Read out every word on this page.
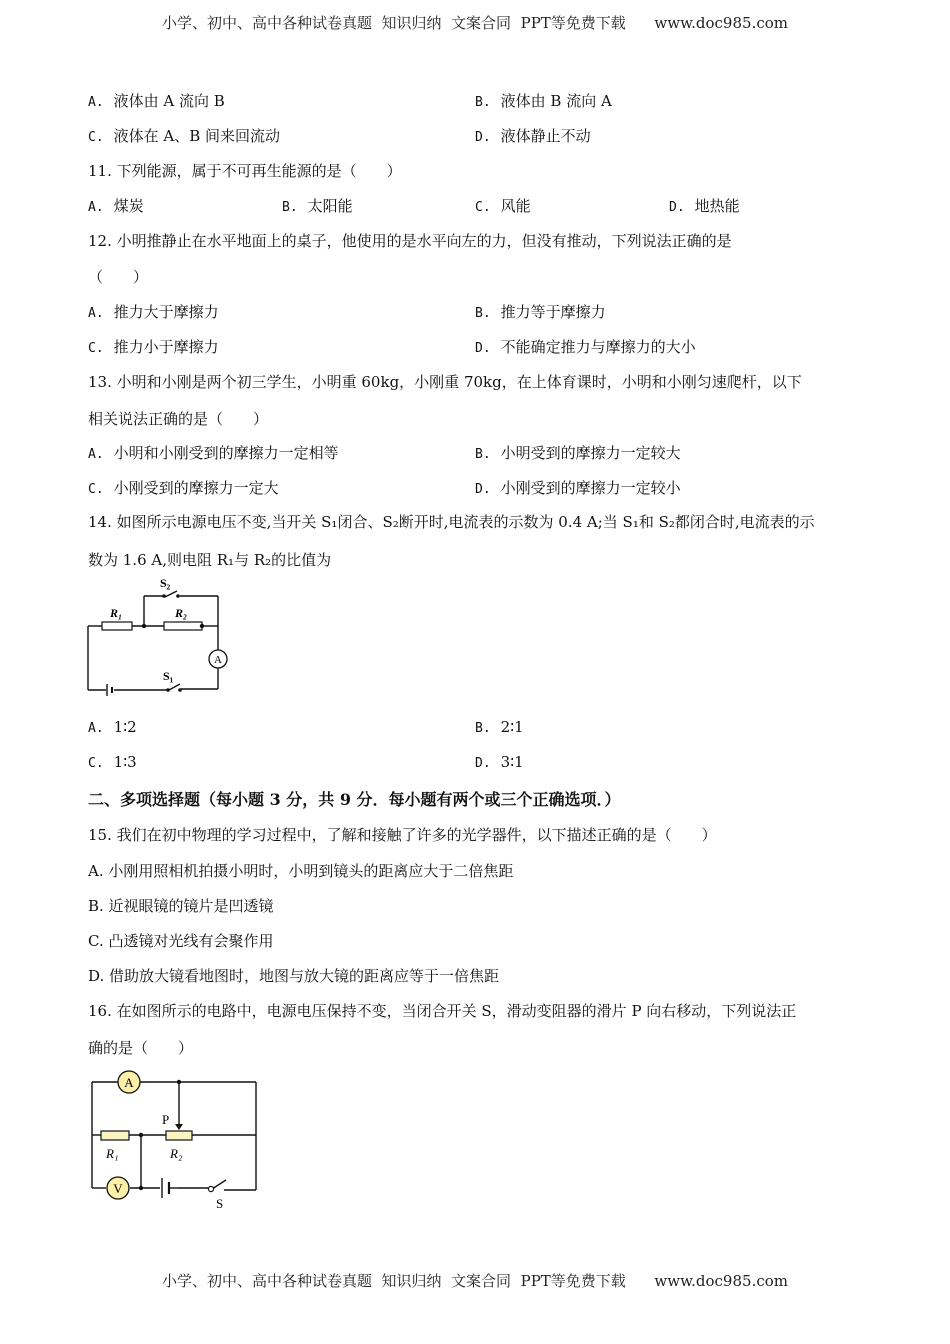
小学、初中、高中各种试卷真题  知识归纳  文案合同  PPT等免费下载      www.doc985.com
A. 液体由 A 流向 B	B. 液体由 B 流向 A
C. 液体在 A、B 间来回流动	D. 液体静止不动
11. 下列能源，属于不可再生能源的是（　　）
A. 煤炭	B. 太阳能	C. 风能	D. 地热能
12. 小明推静止在水平地面上的桌子，他使用的是水平向左的力，但没有推动，下列说法正确的是
（　　）
A. 推力大于摩擦力	B. 推力等于摩擦力
C. 推力小于摩擦力	D. 不能确定推力与摩擦力的大小
13. 小明和小刚是两个初三学生，小明重 60kg，小刚重 70kg，在上体育课时，小明和小刚匀速爬杆，以下
相关说法正确的是（　　）
A. 小明和小刚受到的摩擦力一定相等	B. 小明受到的摩擦力一定较大
C. 小刚受到的摩擦力一定大	D. 小刚受到的摩擦力一定较小
14. 如图所示电源电压不变,当开关 S₁闭合、S₂断开时,电流表的示数为 0.4 A;当 S₁和 S₂都闭合时,电流表的示
数为 1.6 A,则电阻 R₁与 R₂的比值为
A
R₁	R₂
S₂
S₁
A. 1∶2	B. 2∶1
C. 1∶3	D. 3∶1
二、多项选择题（每小题 3 分，共 9 分．每小题有两个或三个正确选项．）
15. 我们在初中物理的学习过程中，了解和接触了许多的光学器件，以下描述正确的是（　　）
A. 小刚用照相机拍摄小明时，小明到镜头的距离应大于二倍焦距
B. 近视眼镜的镜片是凹透镜
C. 凸透镜对光线有会聚作用
D. 借助放大镜看地图时，地图与放大镜的距离应等于一倍焦距
16. 在如图所示的电路中，电源电压保持不变，当闭合开关 S，滑动变阻器的滑片 P 向右移动，下列说法正
确的是（　　）
A
V
P
R₁	R₂
S
小学、初中、高中各种试卷真题  知识归纳  文案合同  PPT等免费下载      www.doc985.com
